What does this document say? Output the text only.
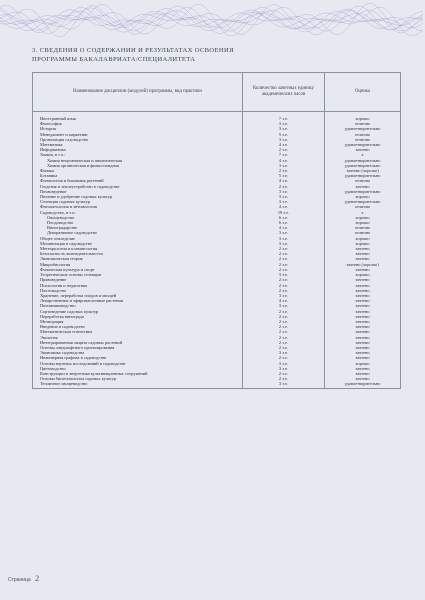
3. СВЕДЕНИЯ О СОДЕРЖАНИИ И РЕЗУЛЬТАТАХ ОСВОЕНИЯ
ПРОГРАММЫ БАКАЛАВРИАТА/СПЕЦИАЛИТЕТА
Наименование дисциплин (модулей) программы, вид практики	Количество зачетных единиц/ академических часов	Оценка
Иностранный язык	7 з.е.	хорошо
Философия	3 з.е.	отлично
История	3 з.е.	удовлетворительно
Менеджмент и маркетинг	5 з.е.	отлично
Организация садоводства	3 з.е.	отлично
Математика	4 з.е.	удовлетворительно
Информатика	2 з.е.	зачтено
Химия, в т.ч.:	7 з.е.	х
Химия неорганическая и аналитическая	4 з.е.	удовлетворительно
Химия органическая и физколлоидная	3 з.е.	удовлетворительно
Физика	2 з.е.	зачтено (хорошо)
Ботаника	5 з.е.	удовлетворительно
Физиология и биохимия растений	4 з.е.	отлично
Геодезия и землеустройство в садоводстве	2 з.е.	зачтено
Почвоведение	3 з.е.	удовлетворительно
Питание и удобрение садовых культур	3 з.е.	хорошо
Селекция садовых культур	3 з.е.	удовлетворительно
Фитопатология и энтомология	4 з.е.	отлично
Садоводство, в т.ч.:	19 з.е.	х
Овощеводство	6 з.е.	хорошо
Плодоводство	6 з.е.	хорошо
Виноградарство	4 з.е.	отлично
Декоративное садоводство	3 з.е.	отлично
Общее земледелие	3 з.е.	хорошо
Механизация в садоводстве	3 з.е.	хорошо
Метеорология и климатология	2 з.е.	зачтено
Безопасность жизнедеятельности	2 з.е.	зачтено
Экономическая теория	2 з.е.	зачтено
Микробиология	2 з.е.	зачтено (хорошо)
Физическая культура и спорт	2 з.е.	зачтено
Теоретические основы селекции	3 з.е.	хорошо
Правоведение	2 з.е.	зачтено
Психология и педагогика	2 з.е.	зачтено
Пчеловодство	2 з.е.	зачтено
Хранение, переработка плодов и овощей	3 з.е.	зачтено
Лекарственные и эфиромасличные растения	4 з.е.	зачтено
Питомниководство	3 з.е.	зачтено
Сортоведение садовых культур	2 з.е.	зачтено
Переработка винограда	2 з.е.	зачтено
Мелиорация	2 з.е.	зачтено
Введение в садоводство	2 з.е.	зачтено
Математическая статистика	2 з.е.	зачтено
Экология	2 з.е.	зачтено
Интегрированная защита садовых растений	2 з.е.	зачтено
Основы ландшафтного проектирования	2 з.е.	зачтено
Экономика садоводства	3 з.е.	зачтено
Инженерная графика в садоводстве	2 з.е.	зачтено
Основы научных исследований в садоводстве	3 з.е.	хорошо
Цветоводство	3 з.е.	зачтено
Конструкции и энергетика культивационных сооружений	2 з.е.	зачтено
Основы биотехнологии садовых культур	2 з.е.	зачтено
Тепличное овощеводство	3 з.е.	удовлетворительно
Страница 2
